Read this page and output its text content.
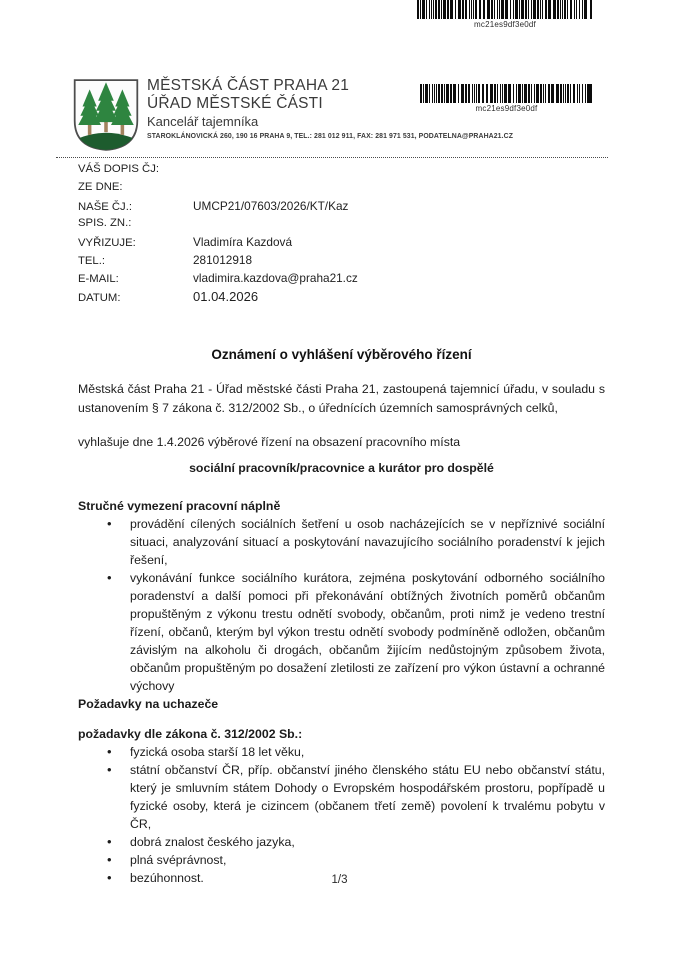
mc21es9df3e0df
MĚSTSKÁ ČÁST PRAHA 21
ÚŘAD MĚSTSKÉ ČÁSTI
Kancelář tajemníka
STAROKLÁNOVICKÁ 260, 190 16 PRAHA 9, TEL.: 281 012 911, FAX: 281 971 531, PODATELNA@PRAHA21.CZ
mc21es9df3e0df
VÁŠ DOPIS ČJ:
ZE DNE:
NAŠE ČJ.:	UMCP21/07603/2026/KT/Kaz
SPIS. ZN.:
VYŘIZUJE:	Vladimíra Kazdová
TEL.:	281012918
E-MAIL:	vladimira.kazdova@praha21.cz
DATUM:	01.04.2026
Oznámení o vyhlášení výběrového řízení

Městská část Praha 21 - Úřad městské části Praha 21, zastoupená tajemnicí úřadu, v souladu s ustanovením § 7 zákona č. 312/2002 Sb., o úřednících územních samosprávných celků,

vyhlašuje dne 1.4.2026 výběrové řízení na obsazení pracovního místa

sociální pracovník/pracovnice a kurátor pro dospělé

Stručné vymezení pracovní náplně

• provádění cílených sociálních šetření u osob nacházejících se v nepříznivé sociální situaci, analyzování situací a poskytování navazujícího sociálního poradenství k jejich řešení,
• vykonávání funkce sociálního kurátora, zejména poskytování odborného sociálního poradenství a další pomoci při překonávání obtížných životních poměrů občanům propuštěným z výkonu trestu odnětí svobody, občanům, proti nimž je vedeno trestní řízení, občanů, kterým byl výkon trestu odnětí svobody podmíněně odložen, občanům závislým na alkoholu či drogách, občanům žijícím nedůstojným způsobem života, občanům propuštěným po dosažení zletilosti ze zařízení pro výkon ústavní a ochranné výchovy

Požadavky na uchazeče

požadavky dle zákona č. 312/2002 Sb.:

• fyzická osoba starší 18 let věku,
• státní občanství ČR, příp. občanství jiného členského státu EU nebo občanství státu, který je smluvním státem Dohody o Evropském hospodářském prostoru, popřípadě u fyzické osoby, která je cizincem (občanem třetí země) povolení k trvalému pobytu v ČR,
• dobrá znalost českého jazyka,
• plná svéprávnost,
• bezúhonnost.	1/3
